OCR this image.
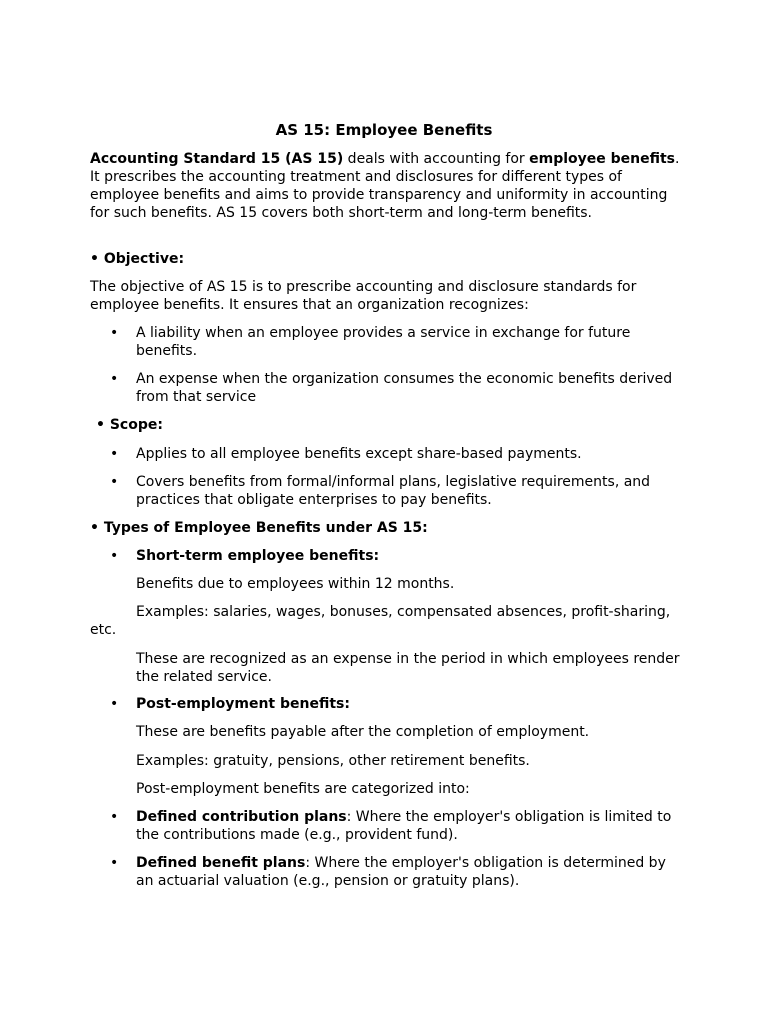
AS 15: Employee Benefits
Accounting Standard 15 (AS 15) deals with accounting for employee benefits.
It prescribes the accounting treatment and disclosures for different types of
employee benefits and aims to provide transparency and uniformity in accounting
for such benefits. AS 15 covers both short-term and long-term benefits.
• Objective:
The objective of AS 15 is to prescribe accounting and disclosure standards for
employee benefits. It ensures that an organization recognizes:
• A liability when an employee provides a service in exchange for future
benefits.
• An expense when the organization consumes the economic benefits derived
from that service
• Scope:
• Applies to all employee benefits except share-based payments.
• Covers benefits from formal/informal plans, legislative requirements, and
practices that obligate enterprises to pay benefits.
• Types of Employee Benefits under AS 15:
• Short-term employee benefits:
Benefits due to employees within 12 months.
Examples: salaries, wages, bonuses, compensated absences, profit-sharing,
etc.
These are recognized as an expense in the period in which employees render
the related service.
• Post-employment benefits:
These are benefits payable after the completion of employment.
Examples: gratuity, pensions, other retirement benefits.
Post-employment benefits are categorized into:
• Defined contribution plans: Where the employer's obligation is limited to
the contributions made (e.g., provident fund).
• Defined benefit plans: Where the employer's obligation is determined by
an actuarial valuation (e.g., pension or gratuity plans).
